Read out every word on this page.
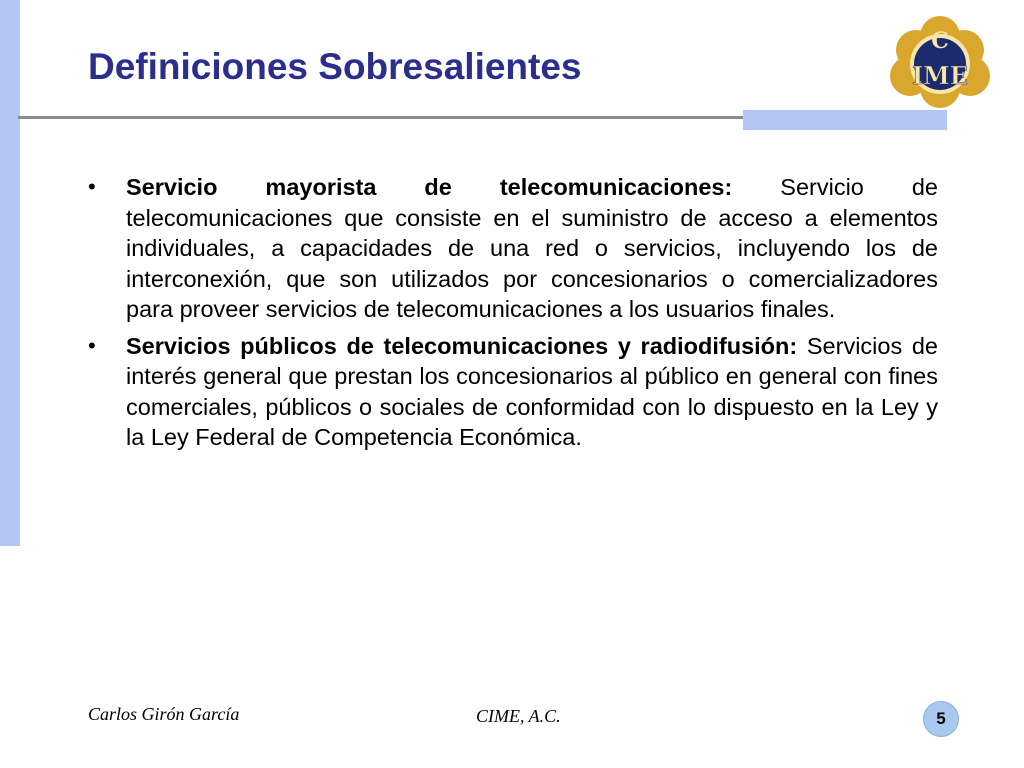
Definiciones Sobresalientes
C
IME
• Servicio mayorista de telecomunicaciones: Servicio de telecomunicaciones que consiste en el suministro de acceso a elementos individuales, a capacidades de una red o servicios, incluyendo los de interconexión, que son utilizados por concesionarios o comercializadores para proveer servicios de telecomunicaciones a los usuarios finales.
• Servicios públicos de telecomunicaciones y radiodifusión: Servicios de interés general que prestan los concesionarios al público en general con fines comerciales, públicos o sociales de conformidad con lo dispuesto en la Ley y la Ley Federal de Competencia Económica.
Carlos Girón García	CIME, A.C.	5
